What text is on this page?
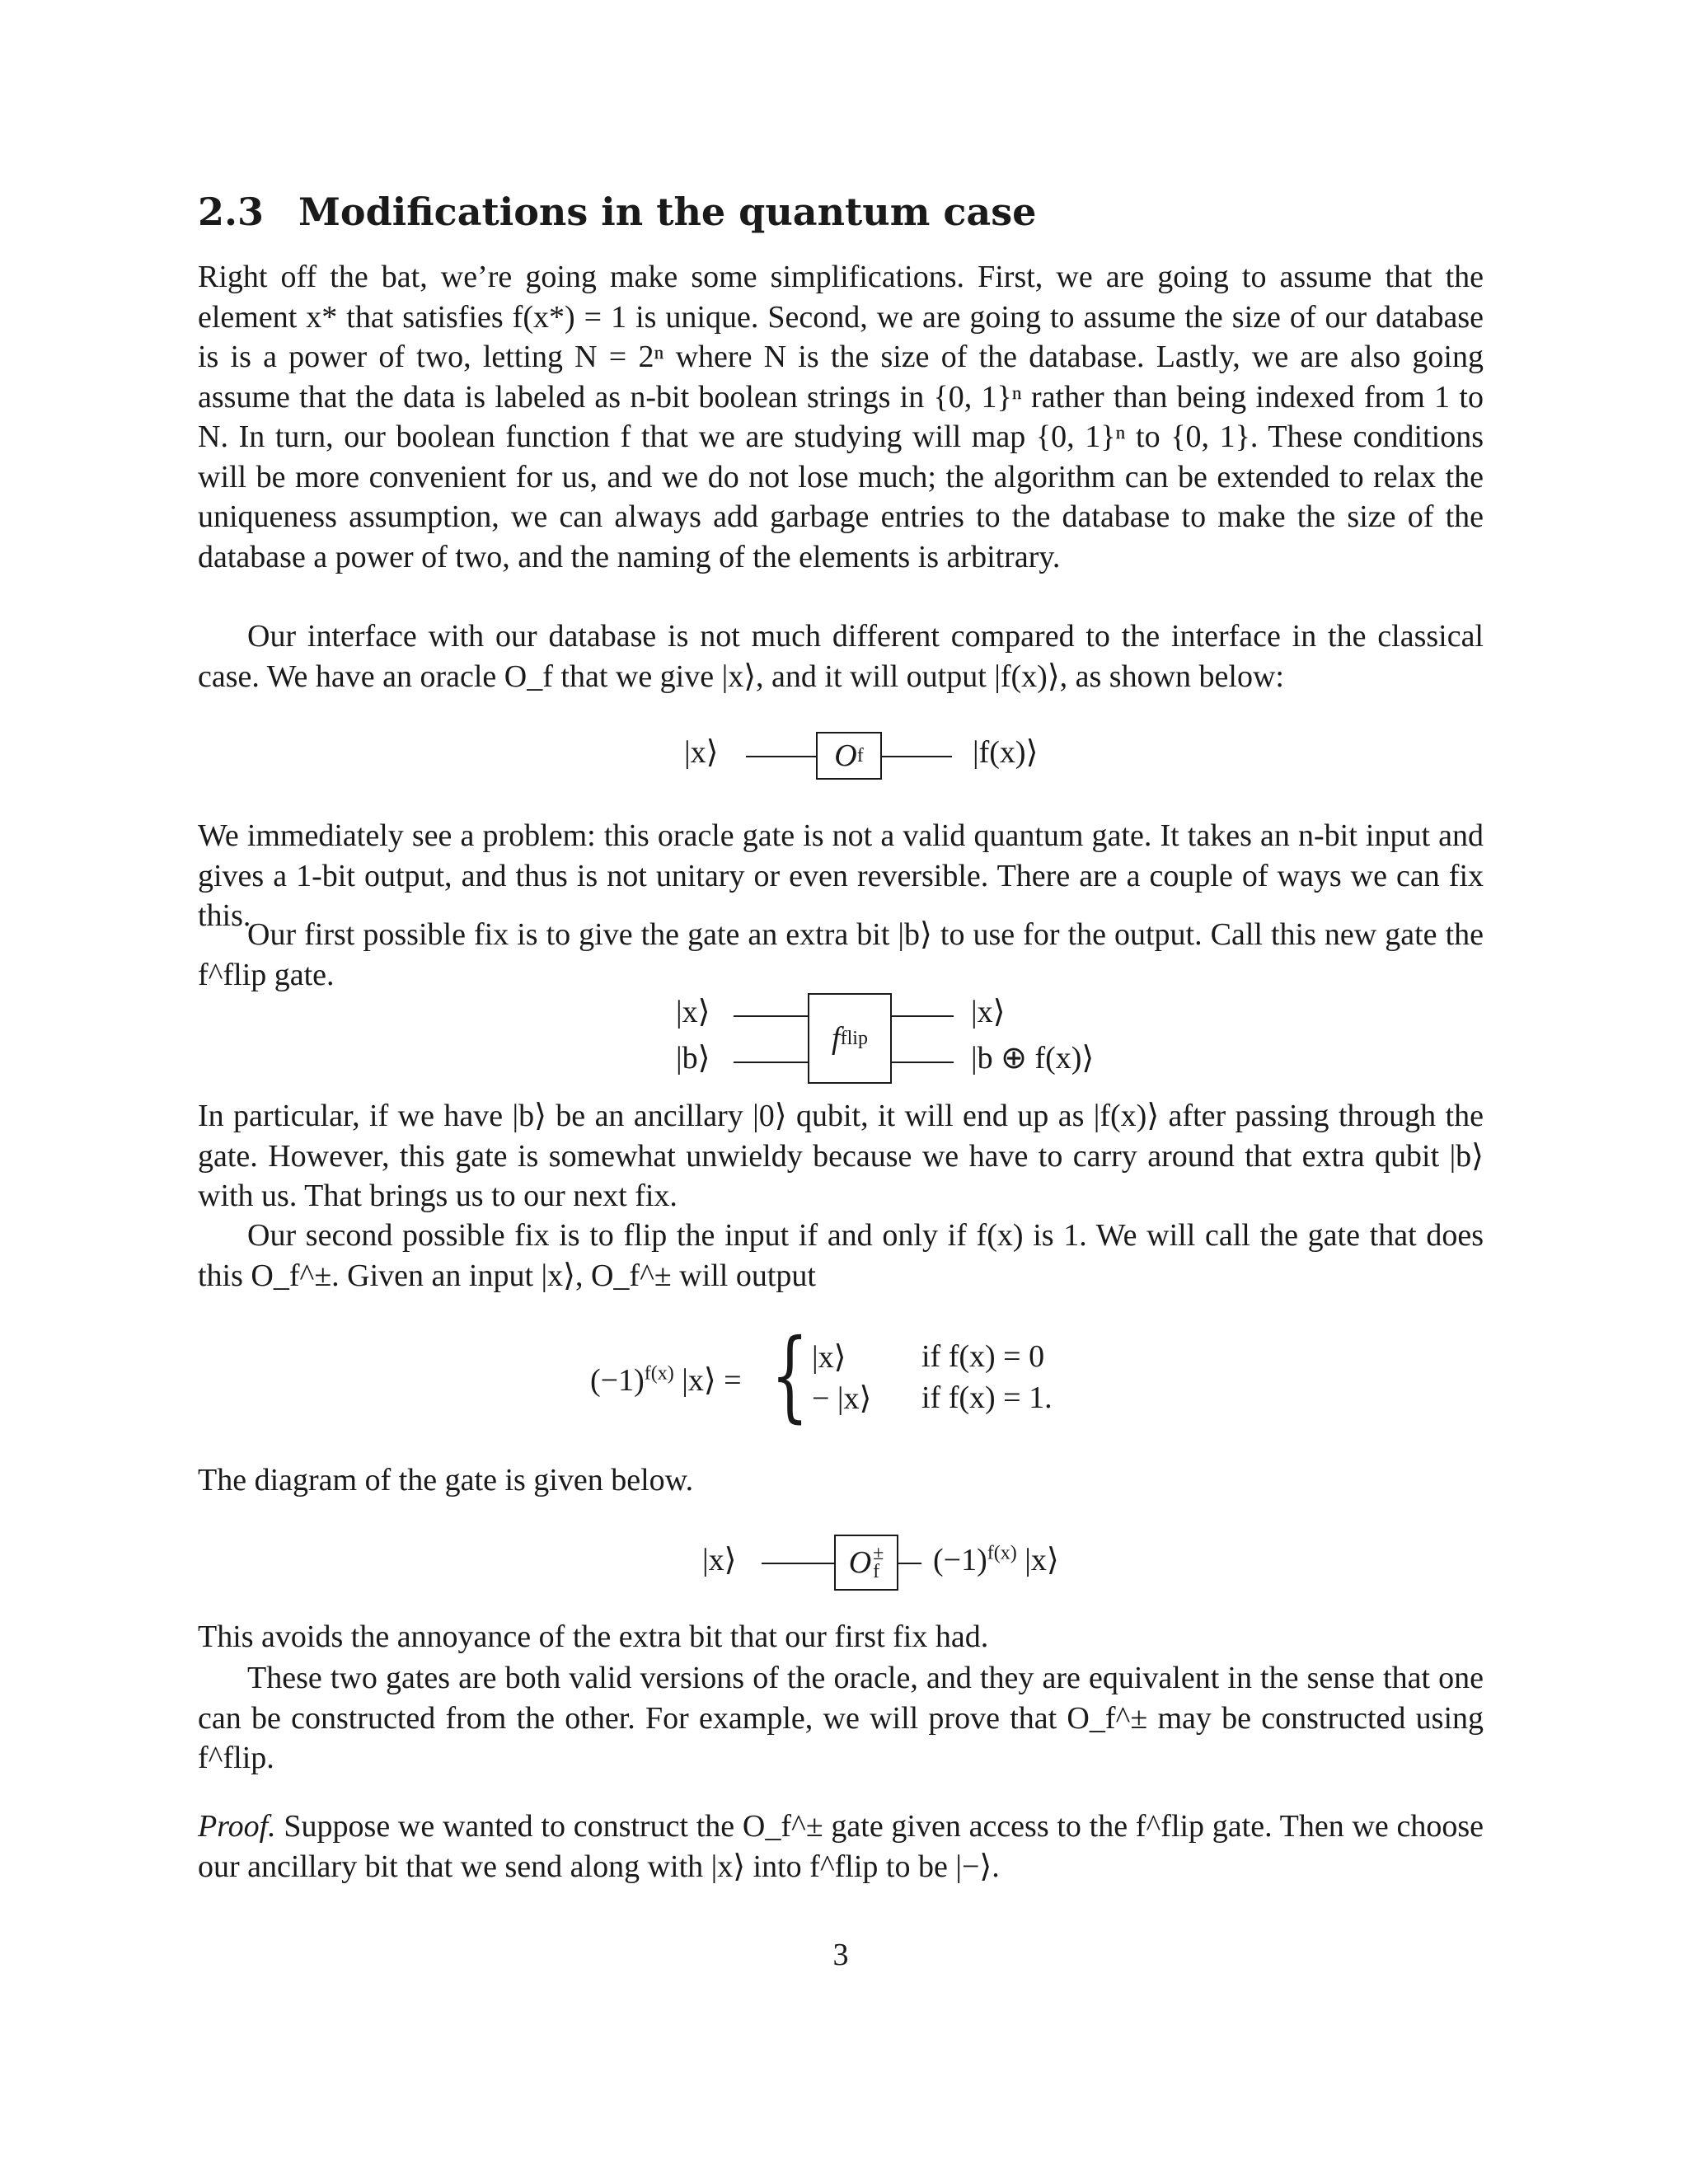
2.3 Modifications in the quantum case

Right off the bat, we’re going make some simplifications. First, we are going to assume that the element x* that satisfies f(x*) = 1 is unique. Second, we are going to assume the size of our database is is a power of two, letting N = 2ⁿ where N is the size of the database. Lastly, we are also going assume that the data is labeled as n-bit boolean strings in {0, 1}ⁿ rather than being indexed from 1 to N. In turn, our boolean function f that we are studying will map {0, 1}ⁿ to {0, 1}. These conditions will be more convenient for us, and we do not lose much; the algorithm can be extended to relax the uniqueness assumption, we can always add garbage entries to the database to make the size of the database a power of two, and the naming of the elements is arbitrary.

Our interface with our database is not much different compared to the interface in the classical case. We have an oracle O_f that we give |x⟩, and it will output |f(x)⟩, as shown below:

|x⟩	O f	|f(x)⟩

We immediately see a problem: this oracle gate is not a valid quantum gate. It takes an n-bit input and gives a 1-bit output, and thus is not unitary or even reversible. There are a couple of ways we can fix this.

Our first possible fix is to give the gate an extra bit |b⟩ to use for the output. Call this new gate the f^flip gate.

|x⟩
|b⟩
f flip
|x⟩
|b ⊕ f(x)⟩

In particular, if we have |b⟩ be an ancillary |0⟩ qubit, it will end up as |f(x)⟩ after passing through the gate. However, this gate is somewhat unwieldy because we have to carry around that extra qubit |b⟩ with us. That brings us to our next fix.

Our second possible fix is to flip the input if and only if f(x) is 1. We will call the gate that does this O_f^±. Given an input |x⟩, O_f^± will output

$(-1)^{f(x)}$ |x⟩ = { |x⟩ if f(x) = 0
− |x⟩ if f(x) = 1.

The diagram of the gate is given below.

|x⟩	O ±
f $(-1)^{f(x)}$ |x⟩

This avoids the annoyance of the extra bit that our first fix had.

These two gates are both valid versions of the oracle, and they are equivalent in the sense that one can be constructed from the other. For example, we will prove that O_f^± may be constructed using f^flip.

Proof. Suppose we wanted to construct the O_f^± gate given access to the f^flip gate. Then we choose our ancillary bit that we send along with |x⟩ into f^flip to be |−⟩.

3
